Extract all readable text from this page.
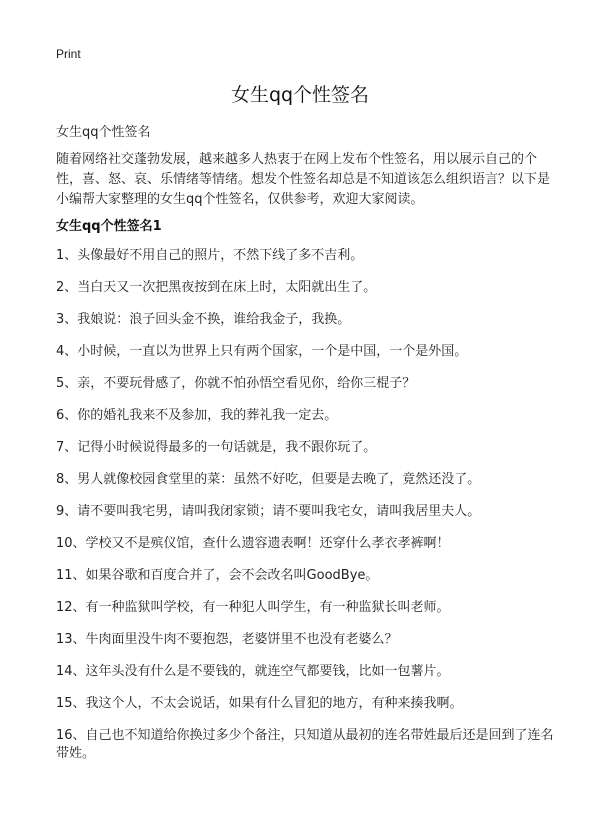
Print
女生qq个性签名
女生qq个性签名
随着网络社交蓬勃发展，越来越多人热衷于在网上发布个性签名，用以展示自己的个性，喜、怒、哀、乐情绪等情绪。想发个性签名却总是不知道该怎么组织语言？以下是小编帮大家整理的女生qq个性签名，仅供参考，欢迎大家阅读。
女生qq个性签名1
1、头像最好不用自己的照片，不然下线了多不吉利。
2、当白天又一次把黑夜按到在床上时，太阳就出生了。
3、我娘说：浪子回头金不换，谁给我金子，我换。
4、小时候，一直以为世界上只有两个国家，一个是中国，一个是外国。
5、亲，不要玩骨感了，你就不怕孙悟空看见你，给你三棍子？
6、你的婚礼我来不及参加，我的葬礼我一定去。
7、记得小时候说得最多的一句话就是，我不跟你玩了。
8、男人就像校园食堂里的菜：虽然不好吃，但要是去晚了，竟然还没了。
9、请不要叫我宅男，请叫我闭家锁；请不要叫我宅女，请叫我居里夫人。
10、学校又不是殡仪馆，查什么遗容遗表啊！还穿什么孝衣孝裤啊！
11、如果谷歌和百度合并了，会不会改名叫GoodBye。
12、有一种监狱叫学校，有一种犯人叫学生，有一种监狱长叫老师。
13、牛肉面里没牛肉不要抱怨，老婆饼里不也没有老婆么？
14、这年头没有什么是不要钱的，就连空气都要钱，比如一包薯片。
15、我这个人，不太会说话，如果有什么冒犯的地方，有种来揍我啊。
16、自己也不知道给你换过多少个备注，只知道从最初的连名带姓最后还是回到了连名带姓。
